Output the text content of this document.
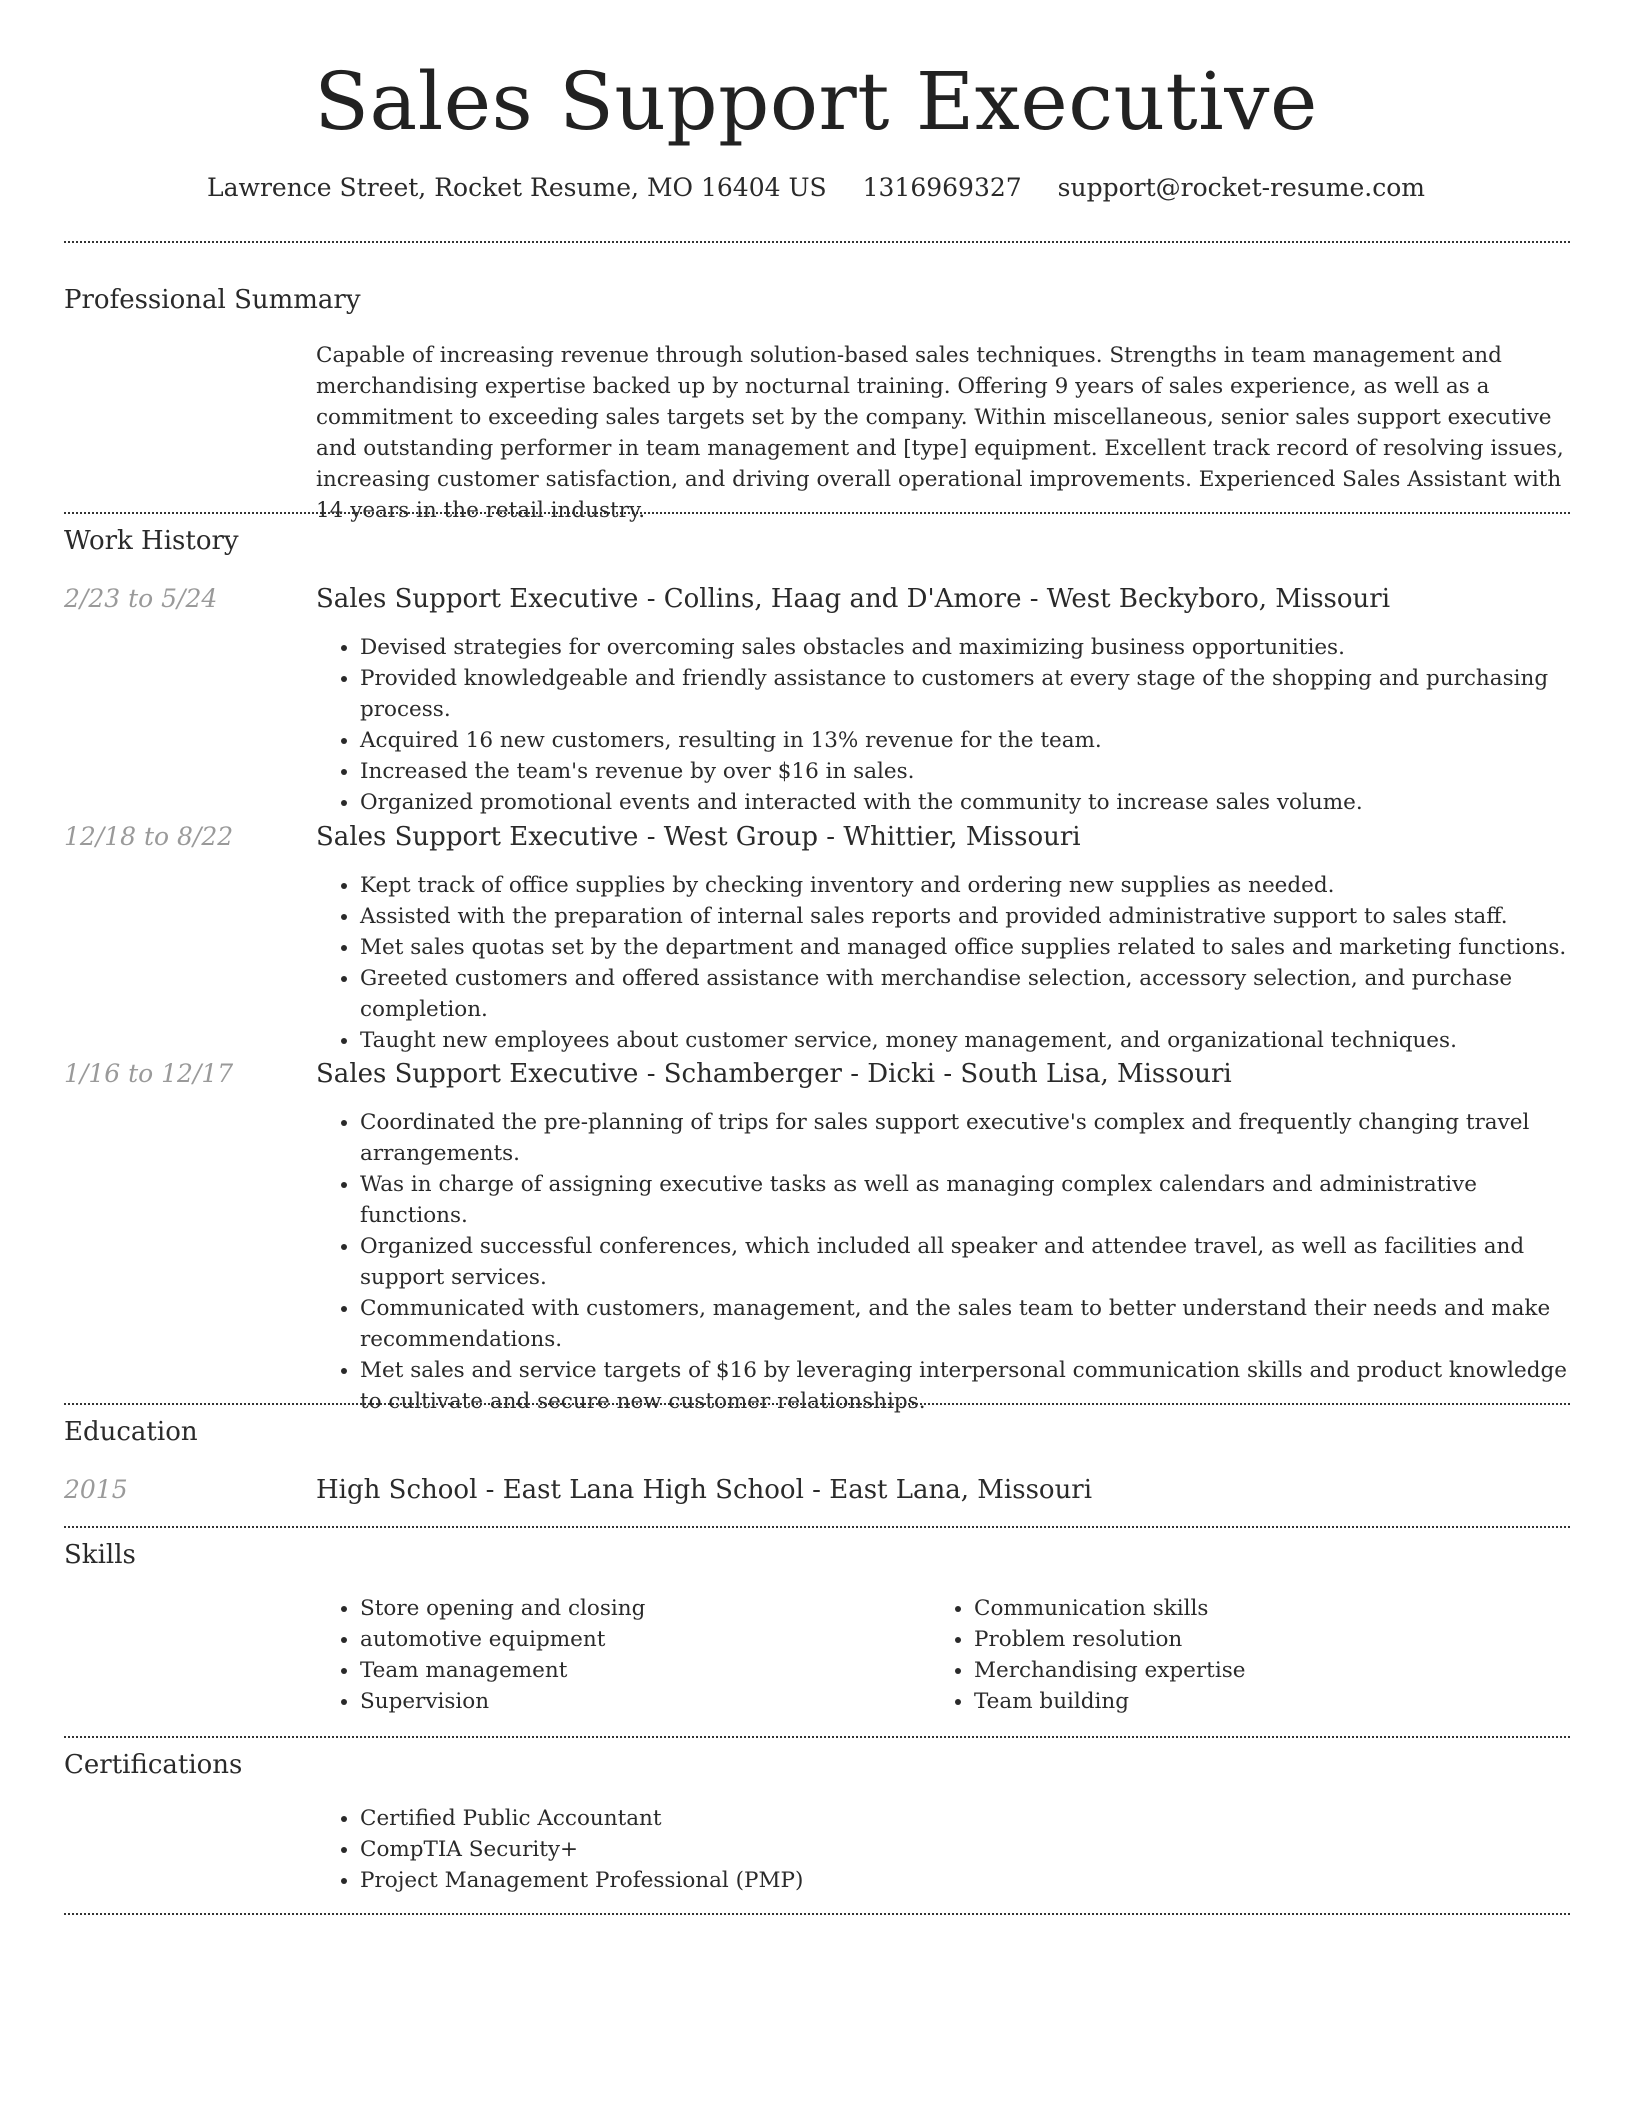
Sales Support Executive
Lawrence Street, Rocket Resume, MO 16404 US 1316969327 support@rocket-resume.com
Professional Summary

Capable of increasing revenue through solution-based sales techniques. Strengths in team management and merchandising expertise backed up by nocturnal training. Offering 9 years of sales experience, as well as a commitment to exceeding sales targets set by the company. Within miscellaneous, senior sales support executive and outstanding performer in team management and [type] equipment. Excellent track record of resolving issues, increasing customer satisfaction, and driving overall operational improvements. Experienced Sales Assistant with 14 years in the retail industry.

Work History
2/23 to 5/24	Sales Support Executive - Collins, Haag and D'Amore - West Beckyboro, Missouri
• Devised strategies for overcoming sales obstacles and maximizing business opportunities.
• Provided knowledgeable and friendly assistance to customers at every stage of the shopping and purchasing process.
• Acquired 16 new customers, resulting in 13% revenue for the team.
• Increased the team's revenue by over $16 in sales.
• Organized promotional events and interacted with the community to increase sales volume.
12/18 to 8/22	Sales Support Executive - West Group - Whittier, Missouri
• Kept track of office supplies by checking inventory and ordering new supplies as needed.
• Assisted with the preparation of internal sales reports and provided administrative support to sales staff.
• Met sales quotas set by the department and managed office supplies related to sales and marketing functions.
• Greeted customers and offered assistance with merchandise selection, accessory selection, and purchase completion.
• Taught new employees about customer service, money management, and organizational techniques.
1/16 to 12/17	Sales Support Executive - Schamberger - Dicki - South Lisa, Missouri
• Coordinated the pre-planning of trips for sales support executive's complex and frequently changing travel arrangements.
• Was in charge of assigning executive tasks as well as managing complex calendars and administrative functions.
• Organized successful conferences, which included all speaker and attendee travel, as well as facilities and support services.
• Communicated with customers, management, and the sales team to better understand their needs and make recommendations.
• Met sales and service targets of $16 by leveraging interpersonal communication skills and product knowledge to cultivate and secure new customer relationships.
Education
2015	High School - East Lana High School - East Lana, Missouri
Skills
• Store opening and closing
• automotive equipment
• Team management
• Supervision
• Communication skills
• Problem resolution
• Merchandising expertise
• Team building
Certifications
• Certified Public Accountant
• CompTIA Security+
• Project Management Professional (PMP)
